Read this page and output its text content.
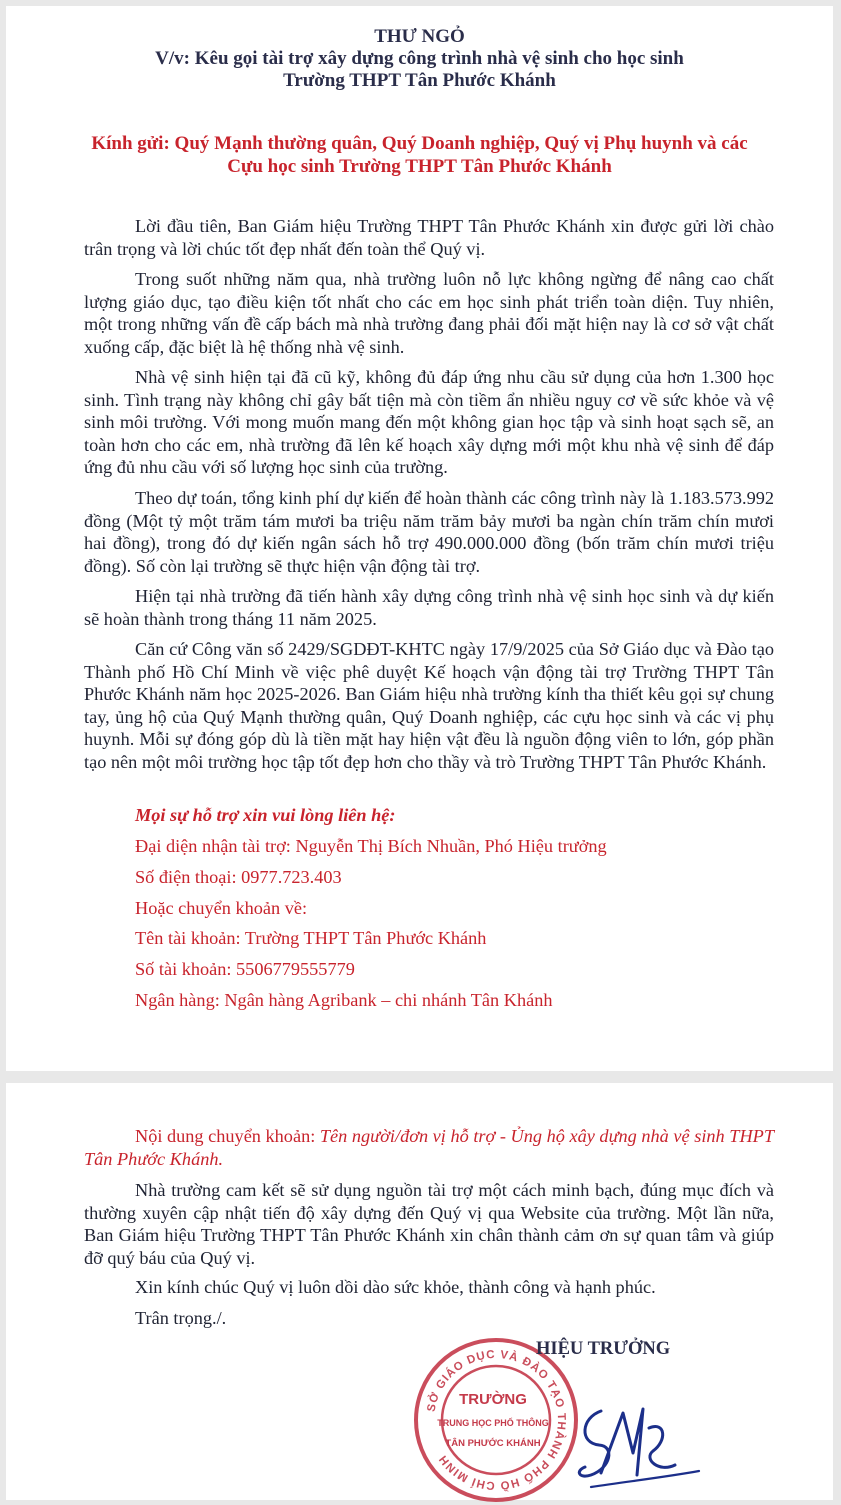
THƯ NGỎ
V/v: Kêu gọi tài trợ xây dựng công trình nhà vệ sinh cho học sinh
Trường THPT Tân Phước Khánh
Kính gửi: Quý Mạnh thường quân, Quý Doanh nghiệp, Quý vị Phụ huynh và các
Cựu học sinh Trường THPT Tân Phước Khánh

Lời đầu tiên, Ban Giám hiệu Trường THPT Tân Phước Khánh xin được gửi lời chào trân trọng và lời chúc tốt đẹp nhất đến toàn thể Quý vị.

Trong suốt những năm qua, nhà trường luôn nỗ lực không ngừng để nâng cao chất lượng giáo dục, tạo điều kiện tốt nhất cho các em học sinh phát triển toàn diện. Tuy nhiên, một trong những vấn đề cấp bách mà nhà trường đang phải đối mặt hiện nay là cơ sở vật chất xuống cấp, đặc biệt là hệ thống nhà vệ sinh.

Nhà vệ sinh hiện tại đã cũ kỹ, không đủ đáp ứng nhu cầu sử dụng của hơn 1.300 học sinh. Tình trạng này không chỉ gây bất tiện mà còn tiềm ẩn nhiều nguy cơ về sức khỏe và vệ sinh môi trường. Với mong muốn mang đến một không gian học tập và sinh hoạt sạch sẽ, an toàn hơn cho các em, nhà trường đã lên kế hoạch xây dựng mới một khu nhà vệ sinh để đáp ứng đủ nhu cầu với số lượng học sinh của trường.

Theo dự toán, tổng kinh phí dự kiến để hoàn thành các công trình này là 1.183.573.992 đồng (Một tỷ một trăm tám mươi ba triệu năm trăm bảy mươi ba ngàn chín trăm chín mươi hai đồng), trong đó dự kiến ngân sách hỗ trợ 490.000.000 đồng (bốn trăm chín mươi triệu đồng). Số còn lại trường sẽ thực hiện vận động tài trợ.

Hiện tại nhà trường đã tiến hành xây dựng công trình nhà vệ sinh học sinh và dự kiến sẽ hoàn thành trong tháng 11 năm 2025.

Căn cứ Công văn số 2429/SGDĐT-KHTC ngày 17/9/2025 của Sở Giáo dục và Đào tạo Thành phố Hồ Chí Minh về việc phê duyệt Kế hoạch vận động tài trợ Trường THPT Tân Phước Khánh năm học 2025-2026. Ban Giám hiệu nhà trường kính tha thiết kêu gọi sự chung tay, ủng hộ của Quý Mạnh thường quân, Quý Doanh nghiệp, các cựu học sinh và các vị phụ huynh. Mỗi sự đóng góp dù là tiền mặt hay hiện vật đều là nguồn động viên to lớn, góp phần tạo nên một môi trường học tập tốt đẹp hơn cho thầy và trò Trường THPT Tân Phước Khánh.

Mọi sự hỗ trợ xin vui lòng liên hệ:
Đại diện nhận tài trợ: Nguyễn Thị Bích Nhuần, Phó Hiệu trưởng
Số điện thoại: 0977.723.403
Hoặc chuyển khoản về:
Tên tài khoản: Trường THPT Tân Phước Khánh
Số tài khoản: 5506779555779
Ngân hàng: Ngân hàng Agribank – chi nhánh Tân Khánh

Nội dung chuyển khoản: Tên người/đơn vị hỗ trợ - Ủng hộ xây dựng nhà vệ sinh THPT Tân Phước Khánh.

Nhà trường cam kết sẽ sử dụng nguồn tài trợ một cách minh bạch, đúng mục đích và thường xuyên cập nhật tiến độ xây dựng đến Quý vị qua Website của trường. Một lần nữa, Ban Giám hiệu Trường THPT Tân Phước Khánh xin chân thành cảm ơn sự quan tâm và giúp đỡ quý báu của Quý vị.

Xin kính chúc Quý vị luôn dồi dào sức khỏe, thành công và hạnh phúc.

Trân trọng./.

SỞ GIÁO DỤC VÀ ĐÀO TẠO THÀNH PHỐ HỒ CHÍ MINH
TRƯỜNG
TRUNG HỌC PHỔ THÔNG
TÂN PHƯỚC KHÁNH
HIỆU TRƯỞNG
